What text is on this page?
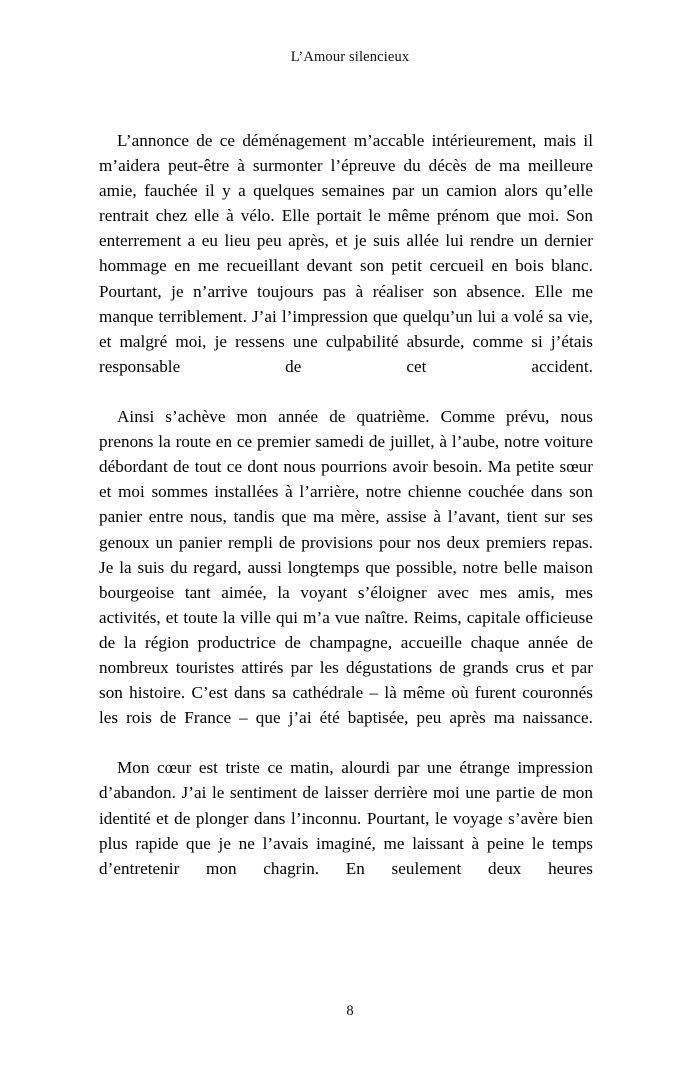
L’Amour silencieux

L’annonce de ce déménagement m’accable intérieurement, mais il m’aidera peut-être à surmonter l’épreuve du décès de ma meilleure amie, fauchée il y a quelques semaines par un camion alors qu’elle rentrait chez elle à vélo. Elle portait le même prénom que moi. Son enterrement a eu lieu peu après, et je suis allée lui rendre un dernier hommage en me recueillant devant son petit cercueil en bois blanc. Pourtant, je n’arrive toujours pas à réaliser son absence. Elle me manque terriblement. J’ai l’impression que quelqu’un lui a volé sa vie, et malgré moi, je ressens une culpabilité absurde, comme si j’étais responsable de cet accident.

Ainsi s’achève mon année de quatrième. Comme prévu, nous prenons la route en ce premier samedi de juillet, à l’aube, notre voiture débordant de tout ce dont nous pourrions avoir besoin. Ma petite sœur et moi sommes installées à l’arrière, notre chienne couchée dans son panier entre nous, tandis que ma mère, assise à l’avant, tient sur ses genoux un panier rempli de provisions pour nos deux premiers repas. Je la suis du regard, aussi longtemps que possible, notre belle maison bourgeoise tant aimée, la voyant s’éloigner avec mes amis, mes activités, et toute la ville qui m’a vue naître. Reims, capitale officieuse de la région productrice de champagne, accueille chaque année de nombreux touristes attirés par les dégustations de grands crus et par son histoire. C’est dans sa cathédrale – là même où furent couronnés les rois de France – que j’ai été baptisée, peu après ma naissance.

Mon cœur est triste ce matin, alourdi par une étrange impression d’abandon. J’ai le sentiment de laisser derrière moi une partie de mon identité et de plonger dans l’inconnu. Pourtant, le voyage s’avère bien plus rapide que je ne l’avais imaginé, me laissant à peine le temps d’entretenir mon chagrin. En seulement deux heures

8
